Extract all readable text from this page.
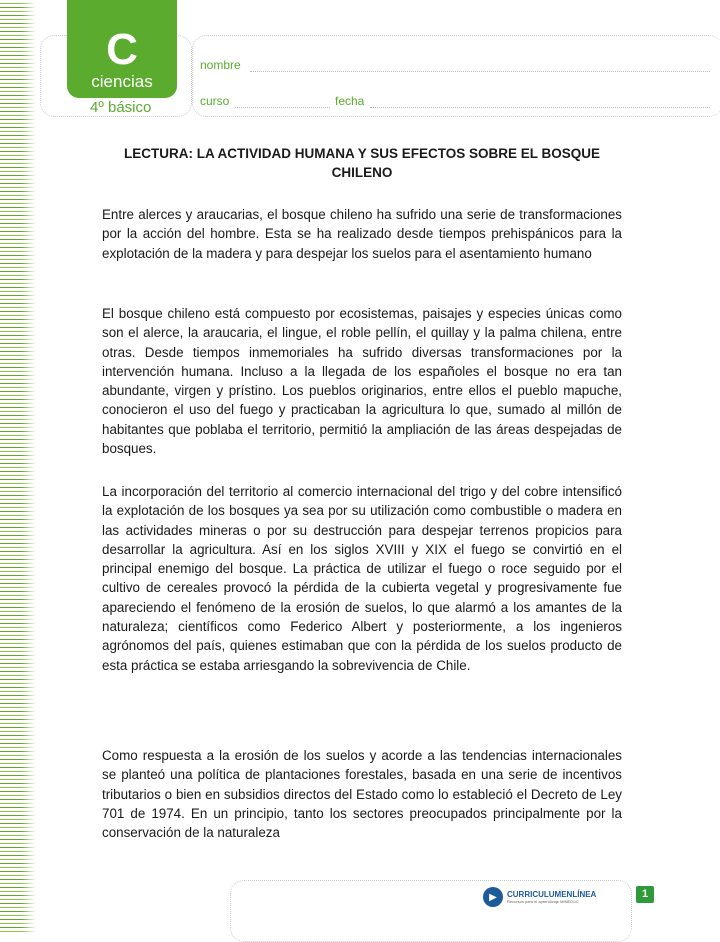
C
ciencias
4º básico
nombre
curso	fecha
LECTURA: LA ACTIVIDAD HUMANA Y SUS EFECTOS SOBRE EL BOSQUE CHILENO

Entre alerces y araucarias, el bosque chileno ha sufrido una serie de transformaciones por la acción del hombre. Esta se ha realizado desde tiempos prehispánicos para la explotación de la madera y para despejar los suelos para el asentamiento humano

El bosque chileno está compuesto por ecosistemas, paisajes y especies únicas como son el alerce, la araucaria, el lingue, el roble pellín, el quillay y la palma chilena, entre otras. Desde tiempos inmemoriales ha sufrido diversas transformaciones por la intervención humana. Incluso a la llegada de los españoles el bosque no era tan abundante, virgen y prístino. Los pueblos originarios, entre ellos el pueblo mapuche, conocieron el uso del fuego y practicaban la agricultura lo que, sumado al millón de habitantes que poblaba el territorio, permitió la ampliación de las áreas despejadas de bosques.

La incorporación del territorio al comercio internacional del trigo y del cobre intensificó la explotación de los bosques ya sea por su utilización como combustible o madera en las actividades mineras o por su destrucción para despejar terrenos propicios para desarrollar la agricultura. Así en los siglos XVIII y XIX el fuego se convirtió en el principal enemigo del bosque. La práctica de utilizar el fuego o roce seguido por el cultivo de cereales provocó la pérdida de la cubierta vegetal y progresivamente fue apareciendo el fenómeno de la erosión de suelos, lo que alarmó a los amantes de la naturaleza; científicos como Federico Albert y posteriormente, a los ingenieros agrónomos del país, quienes estimaban que con la pérdida de los suelos producto de esta práctica se estaba arriesgando la sobrevivencia de Chile.

Como respuesta a la erosión de los suelos y acorde a las tendencias internacionales se planteó una política de plantaciones forestales, basada en una serie de incentivos tributarios o bien en subsidios directos del Estado como lo estableció el Decreto de Ley 701 de 1974. En un principio, tanto los sectores preocupados principalmente por la conservación de la naturaleza

▶	CURRICULUMENLÍNEA
Recursos para el aprendizaje MINEDUC
1
